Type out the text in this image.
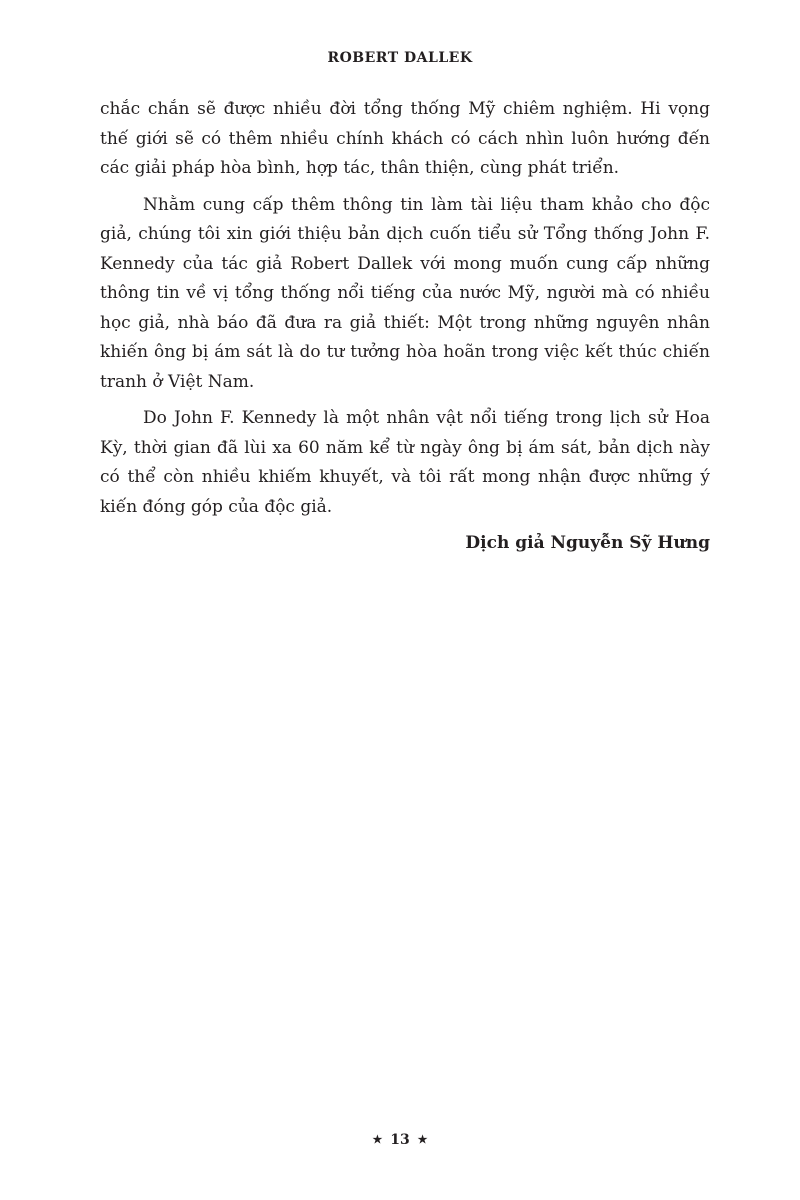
ROBERT DALLEK

chắc chắn sẽ được nhiều đời tổng thống Mỹ chiêm nghiệm. Hi vọng thế giới sẽ có thêm nhiều chính khách có cách nhìn luôn hướng đến các giải pháp hòa bình, hợp tác, thân thiện, cùng phát triển.

Nhằm cung cấp thêm thông tin làm tài liệu tham khảo cho độc giả, chúng tôi xin giới thiệu bản dịch cuốn tiểu sử Tổng thống John F. Kennedy của tác giả Robert Dallek với mong muốn cung cấp những thông tin về vị tổng thống nổi tiếng của nước Mỹ, người mà có nhiều học giả, nhà báo đã đưa ra giả thiết: Một trong những nguyên nhân khiến ông bị ám sát là do tư tưởng hòa hoãn trong việc kết thúc chiến tranh ở Việt Nam.

Do John F. Kennedy là một nhân vật nổi tiếng trong lịch sử Hoa Kỳ, thời gian đã lùi xa 60 năm kể từ ngày ông bị ám sát, bản dịch này có thể còn nhiều khiếm khuyết, và tôi rất mong nhận được những ý kiến đóng góp của độc giả.

Dịch giả Nguyễn Sỹ Hưng
★ 13 ★
